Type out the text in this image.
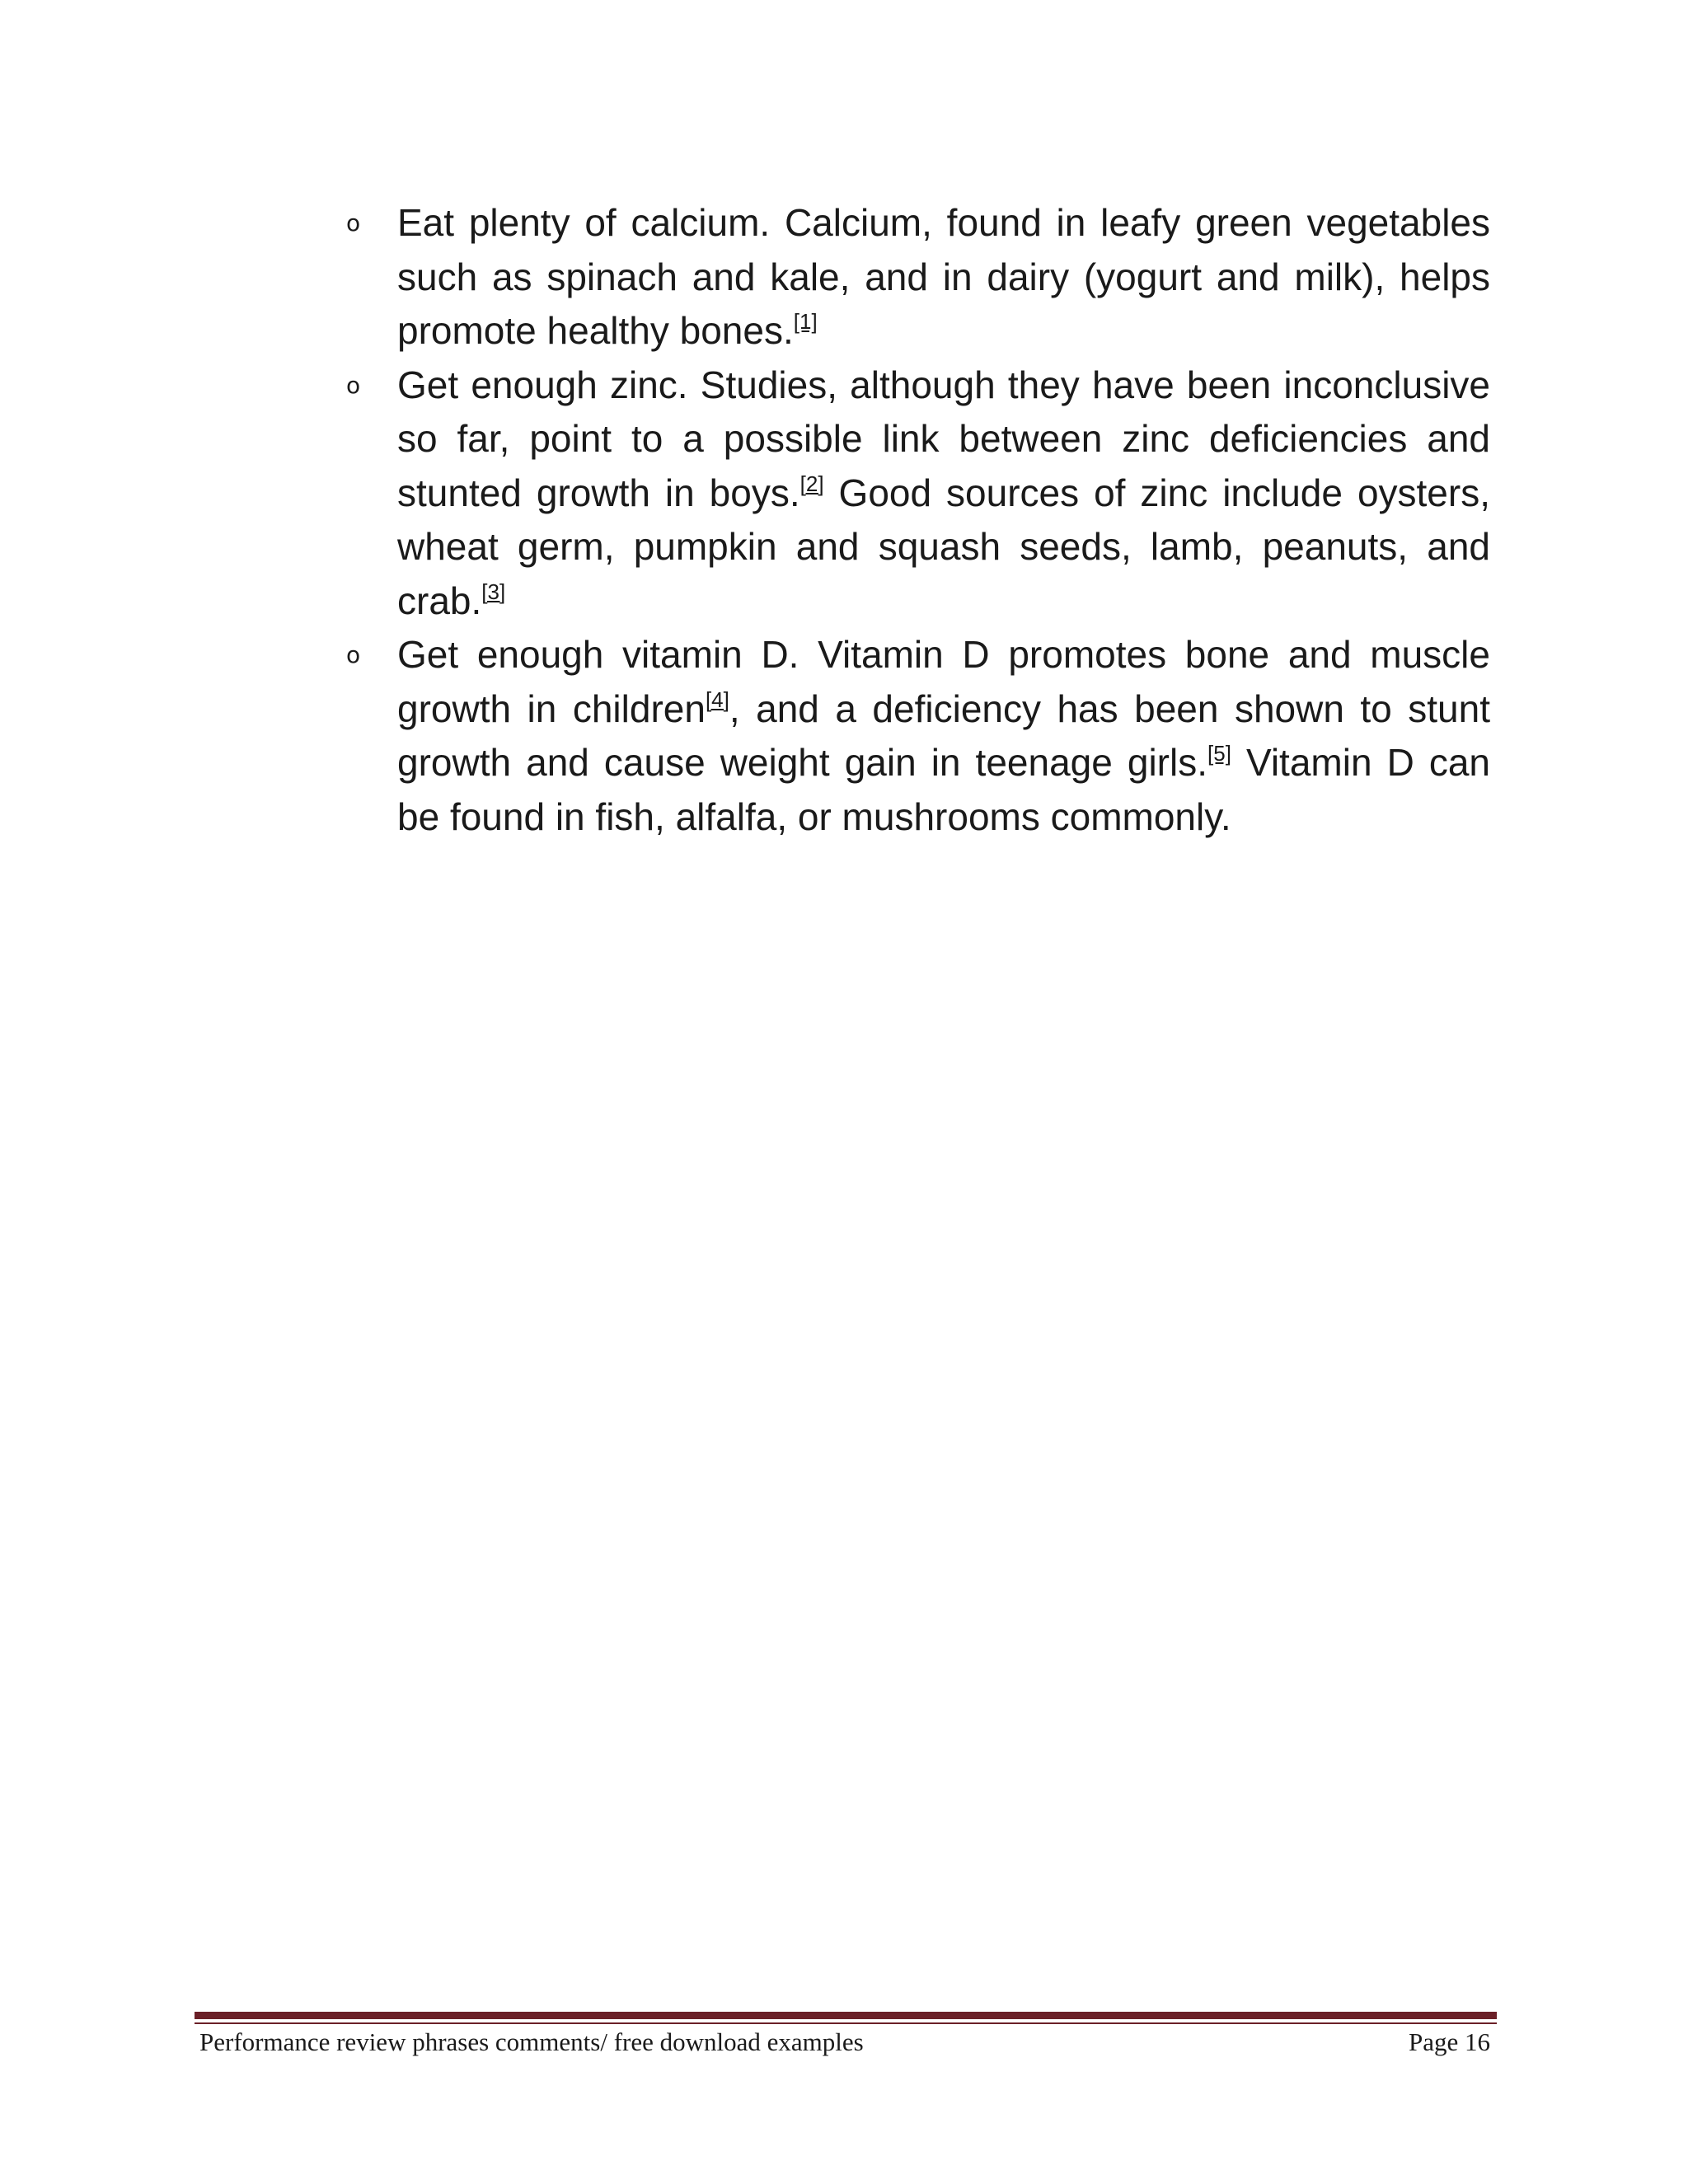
o Eat plenty of calcium. Calcium, found in leafy green vegetables such as spinach and kale, and in dairy (yogurt and milk), helps promote healthy bones.[1]
o Get enough zinc. Studies, although they have been inconclusive so far, point to a possible link between zinc deficiencies and stunted growth in boys.[2] Good sources of zinc include oysters, wheat germ, pumpkin and squash seeds, lamb, peanuts, and crab.[3]
o Get enough vitamin D. Vitamin D promotes bone and muscle growth in children[4], and a deficiency has been shown to stunt growth and cause weight gain in teenage girls.[5] Vitamin D can be found in fish, alfalfa, or mushrooms commonly.
Performance review phrases comments/ free download examples	Page 16
